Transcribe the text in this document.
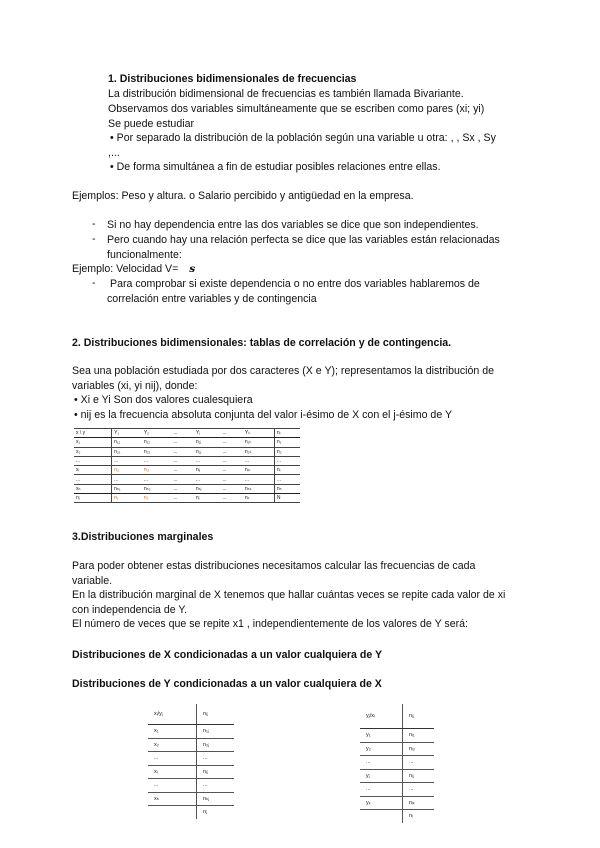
1. Distribuciones bidimensionales de frecuencias
La distribución bidimensional de frecuencias es también llamada Bivariante.
Observamos dos variables simultáneamente que se escriben como pares (xi; yi)
Se puede estudiar
• Por separado la distribución de la población según una variable u otra: , , Sx , Sy
,...
• De forma simultánea a fin de estudiar posibles relaciones entre ellas.
Ejemplos: Peso y altura. o Salario percibido y antigüedad en la empresa.
- Si no hay dependencia entre las dos variables se dice que son independientes.
- Pero cuando hay una relación perfecta se dice que las variables están relacionadas
funcionalmente:
Ejemplo: Velocidad V= s
- Para comprobar si existe dependencia o no entre dos variables hablaremos de
correlación entre variables y de contingencia
2. Distribuciones bidimensionales: tablas de correlación y de contingencia.
Sea una población estudiada por dos caracteres (X e Y); representamos la distribución de
variables (xi, yi nij), donde:
• Xi e Yi Son dos valores cualesquiera
• nij es la frecuencia absoluta conjunta del valor i-ésimo de X con el j-ésimo de Y
x \ y	Y₁	Y₂	...	Yⱼ	...	Yₖ	nᵢ
x₁	n₁₁	n₁₂	...	n₁ⱼ	...	n₁ₖ	n₁
x₂	n₂₁	n₂₂	...	n₂ⱼ	...	n₂ₖ	n₂
...	...	...	...	...	...	...	...
xᵢ	nᵢ₁	nᵢ₂	...	nᵢⱼ	...	nᵢₖ	nᵢ
...	...	...	...	...	...	...	...
xₕ	nₕ₁	nₕ₂	...	nₕⱼ	...	nₕₖ	nₕ
nⱼ	n₁	n₂	...	nⱼ	...	nₖ	N
3.Distribuciones marginales
Para poder obtener estas distribuciones necesitamos calcular las frecuencias de cada
variable.
En la distribución marginal de X tenemos que hallar cuántas veces se repite cada valor de xi
con independencia de Y.
El número de veces que se repite x1 , independientemente de los valores de Y será:
Distribuciones de X condicionadas a un valor cualquiera de Y
Distribuciones de Y condicionadas a un valor cualquiera de X
xᵢ/yⱼ	nᵢⱼ
x₁	n₁ⱼ
x₂	n₂ⱼ
...	...
xᵢ	nᵢⱼ
...	...
xₕ	nₕⱼ
	nⱼ
yⱼ/xᵢ	nᵢⱼ
y₁	nᵢ₁
y₂	nᵢ₂
...	...
yⱼ	nᵢⱼ
...	...
yₖ	nᵢₖ
	nᵢ
